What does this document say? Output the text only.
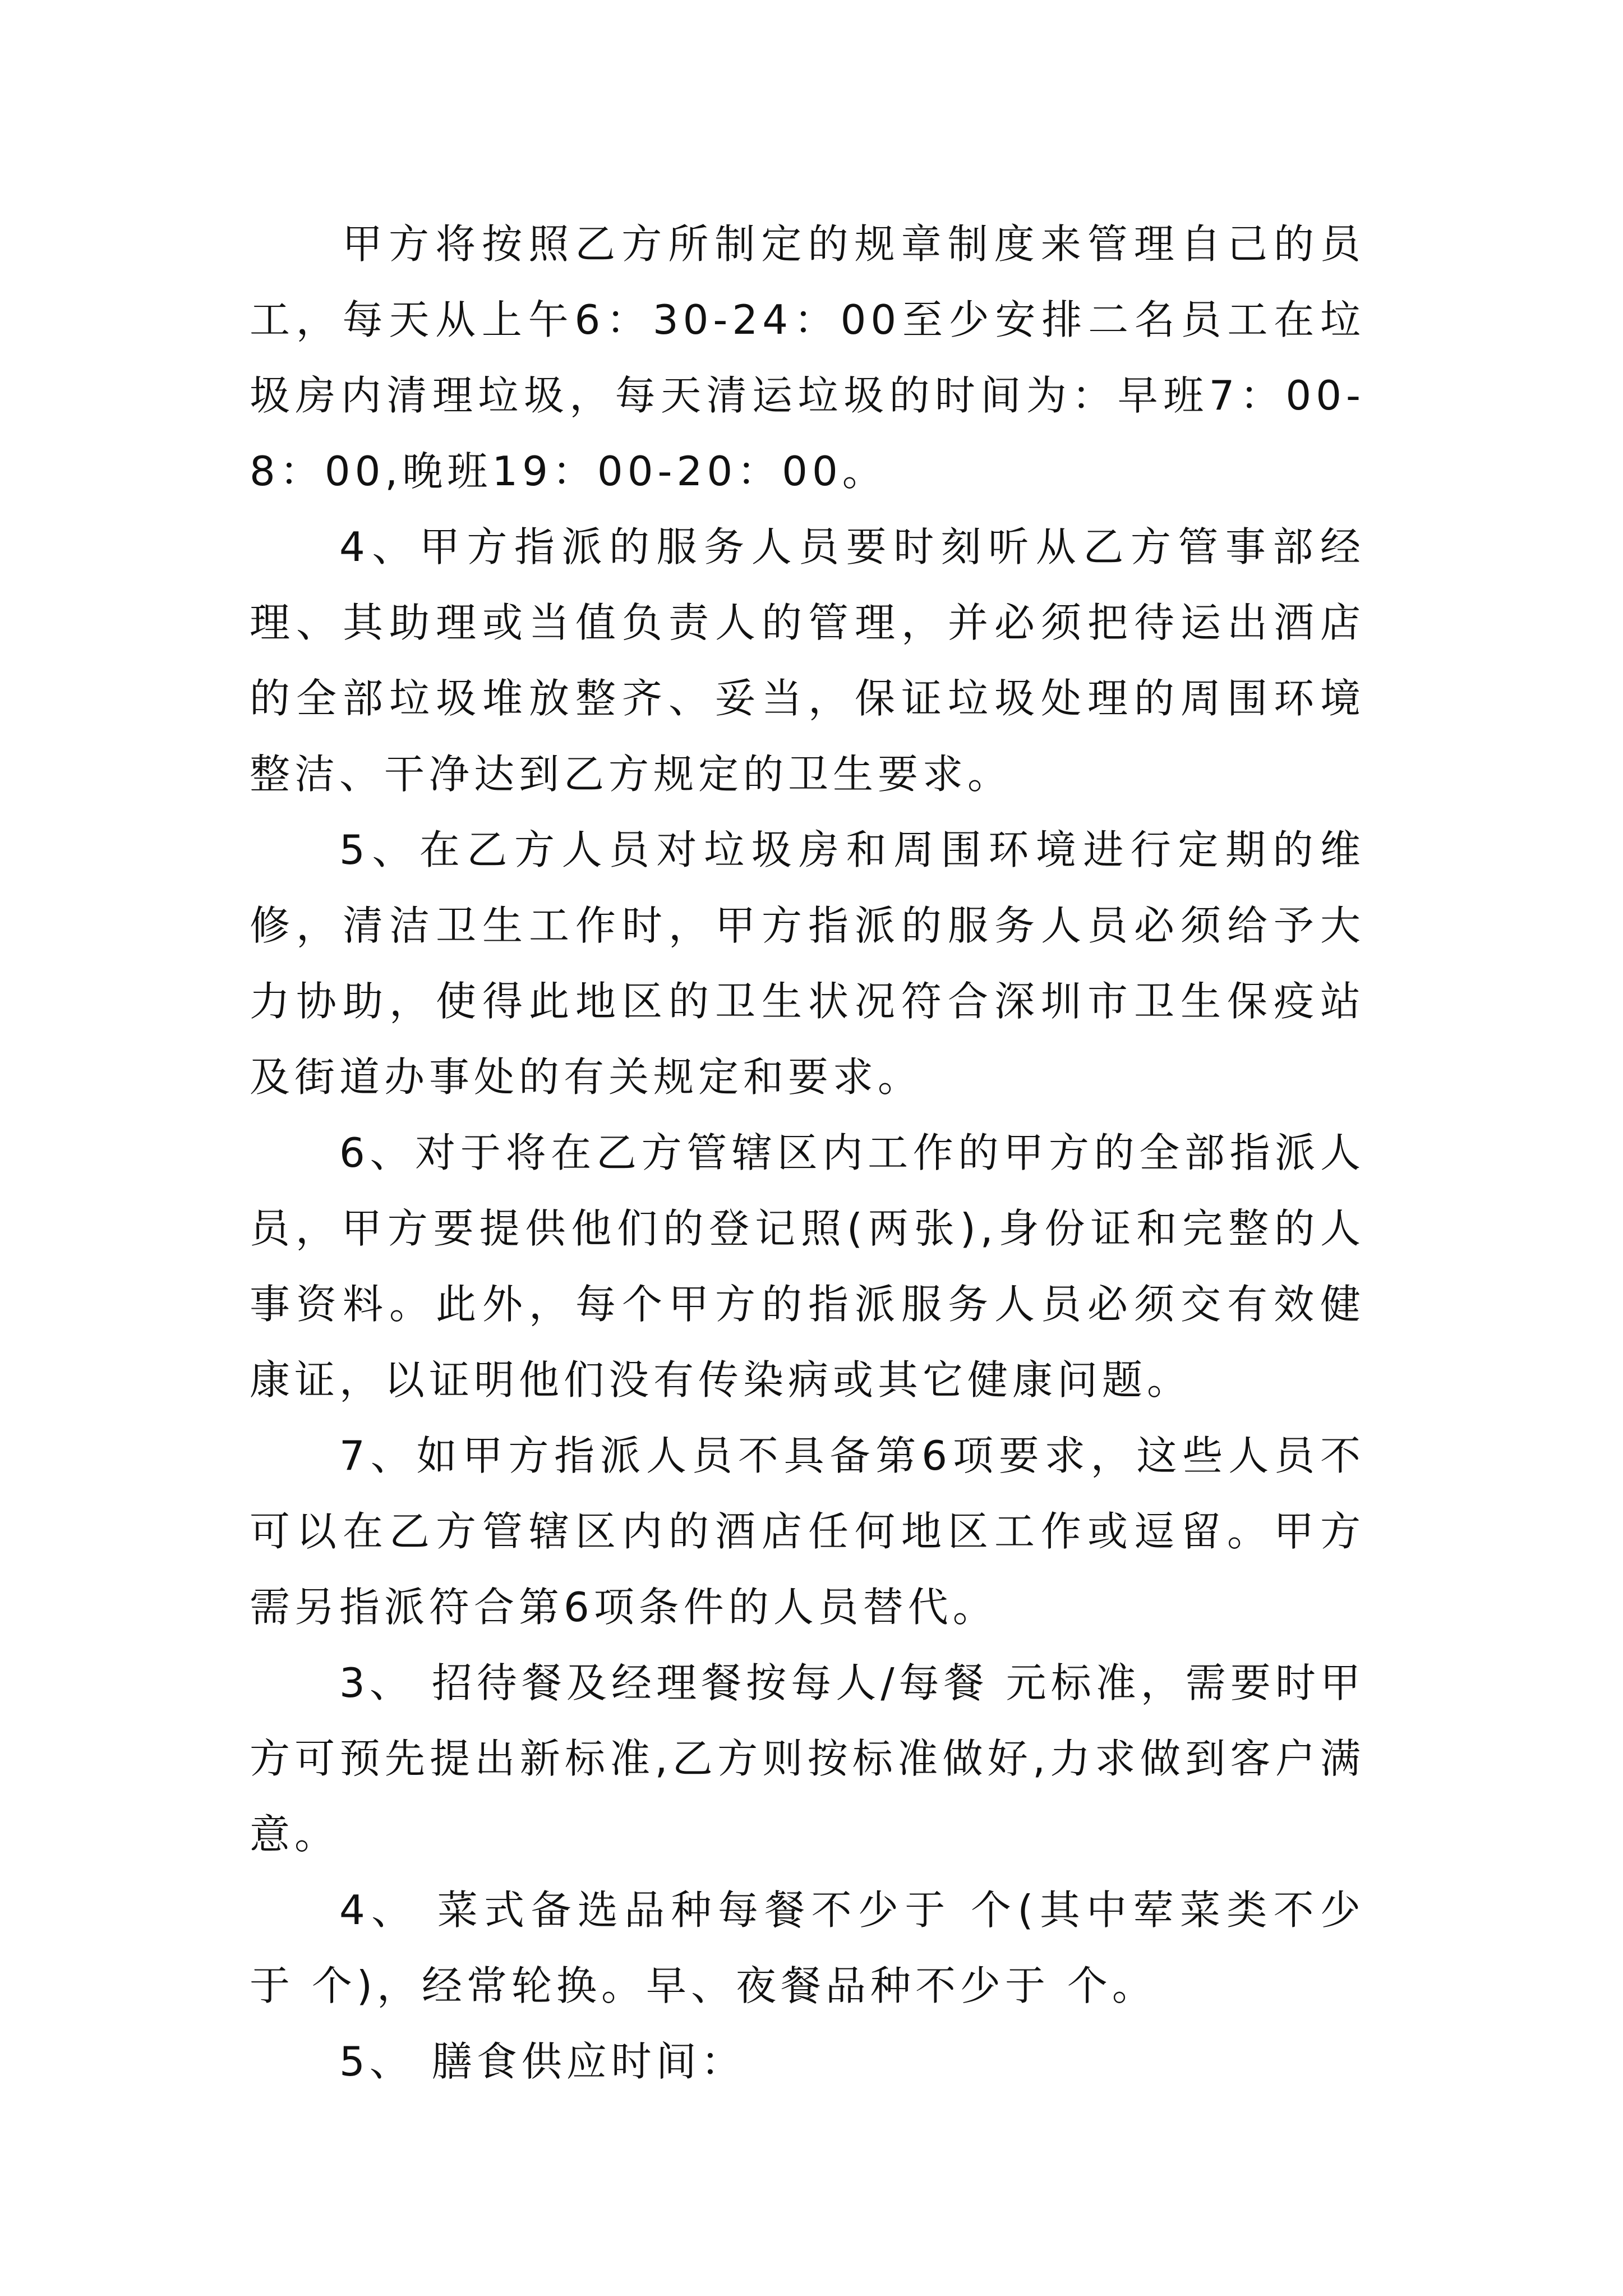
甲方将按照乙方所制定的规章制度来管理自己的员工，每天从上午6：30-24：00至少安排二名员工在垃圾房内清理垃圾，每天清运垃圾的时间为：早班7：00-8：00,晚班19：00-20：00。

4、甲方指派的服务人员要时刻听从乙方管事部经理、其助理或当值负责人的管理，并必须把待运出酒店的全部垃圾堆放整齐、妥当，保证垃圾处理的周围环境整洁、干净达到乙方规定的卫生要求。

5、在乙方人员对垃圾房和周围环境进行定期的维修，清洁卫生工作时，甲方指派的服务人员必须给予大力协助，使得此地区的卫生状况符合深圳市卫生保疫站及街道办事处的有关规定和要求。

6、对于将在乙方管辖区内工作的甲方的全部指派人员，甲方要提供他们的登记照(两张),身份证和完整的人事资料。此外，每个甲方的指派服务人员必须交有效健康证，以证明他们没有传染病或其它健康问题。

7、如甲方指派人员不具备第6项要求，这些人员不可以在乙方管辖区内的酒店任何地区工作或逗留。甲方需另指派符合第6项条件的人员替代。

3、 招待餐及经理餐按每人/每餐 元标准，需要时甲方可预先提出新标准,乙方则按标准做好,力求做到客户满意。

4、 菜式备选品种每餐不少于 个(其中荤菜类不少于 个)，经常轮换。早、夜餐品种不少于 个。

5、 膳食供应时间：
